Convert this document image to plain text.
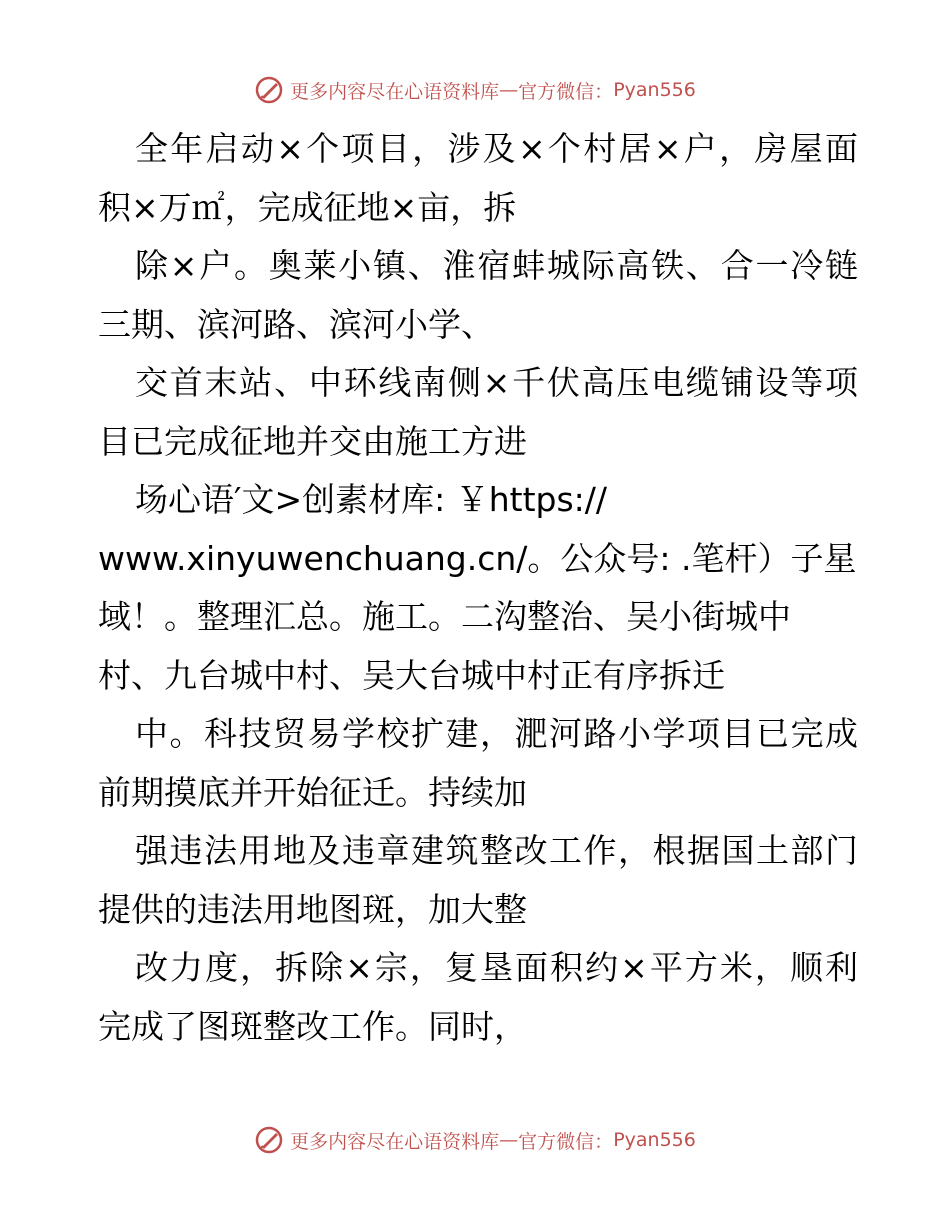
更多内容尽在心语资料库 — 官方微信： Pyan556
全年启动×个项目，涉及×个村居×户，房屋面
积×万㎡，完成征地×亩，拆
除×户。奥莱小镇、淮宿蚌城际高铁、合一冷链
三期、滨河路、滨河小学、
交首末站、中环线南侧×千伏高压电缆铺设等项
目已完成征地并交由施工方进
场心语′文>创素材库: ￥https://
www.xinyuwenchuang.cn/。公众号: .笔杆）子星
域！。整理汇总。施工。二沟整治、吴小街城中
村、九台城中村、吴大台城中村正有序拆迁
中。科技贸易学校扩建，淝河路小学项目已完成
前期摸底并开始征迁。持续加
强违法用地及违章建筑整改工作，根据国土部门
提供的违法用地图斑，加大整
改力度，拆除×宗，复垦面积约×平方米，顺利
完成了图斑整改工作。同时，
更多内容尽在心语资料库 — 官方微信： Pyan556
